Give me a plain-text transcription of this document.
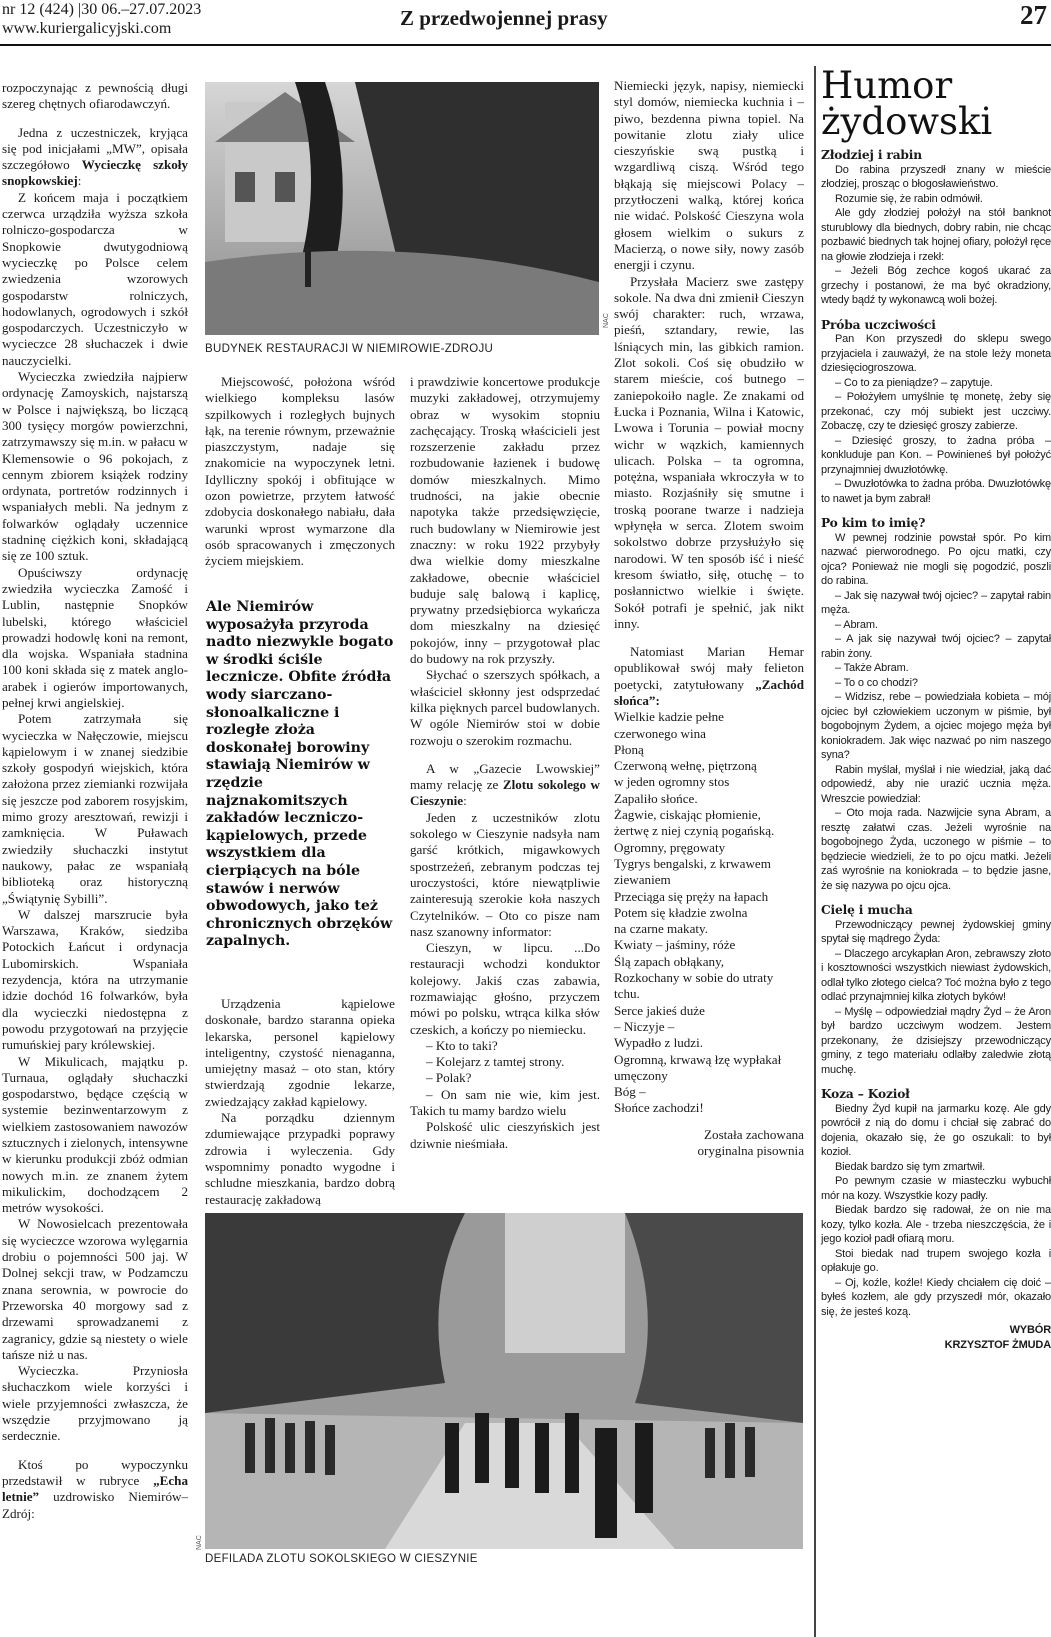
nr 12 (424) |30 06.–27.07.2023
www.kuriergalicyjski.com	Z przedwojennej prasy	27

rozpoczynając z pewnością długi szereg chętnych ofiarodawczyń.

Jedna z uczestniczek, kryjąca się pod inicjałami „MW”, opisała szczegółowo Wycieczkę szkoły snopkowskiej:

Z końcem maja i początkiem czerwca urządziła wyższa szkoła rolniczo-gospodarcza w Snopkowie dwutygodniową wycieczkę po Polsce celem zwiedzenia wzorowych gospodarstw rolniczych, hodowlanych, ogrodowych i szkół gospodarczych. Uczestniczyło w wycieczce 28 słuchaczek i dwie nauczycielki.

Wycieczka zwiedziła najpierw ordynację Zamoyskich, najstarszą w Polsce i największą, bo liczącą 300 tysięcy morgów powierzchni, zatrzymawszy się m.in. w pałacu w Klemensowie o 96 pokojach, z cennym zbiorem książek rodziny ordynata, portretów rodzinnych i wspaniałych mebli. Na jednym z folwarków oglądały uczennice stadninę ciężkich koni, składającą się ze 100 sztuk.

Opuściwszy ordynację zwiedziła wycieczka Zamość i Lublin, następnie Snopków lubelski, którego właściciel prowadzi hodowlę koni na remont, dla wojska. Wspaniała stadnina 100 koni składa się z matek anglo-arabek i ogierów importowanych, pełnej krwi angielskiej.

Potem zatrzymała się wycieczka w Nałęczowie, miejscu kąpielowym i w znanej siedzibie szkoły gospodyń wiejskich, która założona przez ziemianki rozwijała się jeszcze pod zaborem rosyjskim, mimo grozy aresztowań, rewizji i zamknięcia. W Puławach zwiedziły słuchaczki instytut naukowy, pałac ze wspaniałą biblioteką oraz historyczną „Świątynię Sybilli”.

W dalszej marszrucie była Warszawa, Kraków, siedziba Potockich Łańcut i ordynacja Lubomirskich. Wspaniała rezydencja, która na utrzymanie idzie dochód 16 folwarków, była dla wycieczki niedostępna z powodu przygotowań na przyjęcie rumuńskiej pary królewskiej.

W Mikulicach, majątku p. Turnaua, oglądały słuchaczki gospodarstwo, będące częścią w systemie bezinwentarzowym z wielkiem zastosowaniem nawozów sztucznych i zielonych, intensywne w kierunku produkcji zbóż odmian nowych m.in. ze znanem żytem mikulickim, dochodzącem 2 metrów wysokości.

W Nowosielcach prezentowała się wycieczce wzorowa wylęgarnia drobiu o pojemności 500 jaj. W Dolnej sekcji traw, w Podzamczu znana serownia, w powrocie do Przeworska 40 morgowy sad z drzewami sprowadzanemi z zagranicy, gdzie są niestety o wiele tańsze niż u nas.

Wycieczka. Przyniosła słuchaczkom wiele korzyści i wiele przyjemności zwłaszcza, że wszędzie przyjmowano ją serdecznie.

Ktoś po wypoczynku przedstawił w rubryce „Echa letnie” uzdrowisko Niemirów–Zdrój:

NAC
BUDYNEK RESTAURACJI W NIEMIROWIE-ZDROJU

Miejscowość, położona wśród wielkiego kompleksu lasów szpilkowych i rozległych bujnych łąk, na terenie równym, przeważnie piaszczystym, nadaje się znakomicie na wypoczynek letni. Idylliczny spokój i obfitujące w ozon powietrze, przytem łatwość zdobycia doskonałego nabiału, dała warunki wprost wymarzone dla osób spracowanych i zmęczonych życiem miejskiem.

Ale Niemirów wyposażyła przyroda nadto niezwykle bogato w środki ściśle lecznicze. Obfite źródła wody siarczano-słonoalkaliczne i rozległe złoża doskonałej borowiny stawiają Niemirów w rzędzie najznakomitszych zakładów leczniczo-kąpielowych, przede wszystkiem dla cierpiących na bóle stawów i nerwów obwodowych, jako też chronicznych obrzęków zapalnych.

Urządzenia kąpielowe doskonałe, bardzo staranna opieka lekarska, personel kąpielowy inteligentny, czystość nienaganna, umiejętny masaż – oto stan, który stwierdzają zgodnie lekarze, zwiedzający zakład kąpielowy.

Na porządku dziennym zdumiewające przypadki poprawy zdrowia i wyleczenia. Gdy wspomnimy ponadto wygodne i schludne mieszkania, bardzo dobrą restaurację zakładową

i prawdziwie koncertowe produkcje muzyki zakładowej, otrzymujemy obraz w wysokim stopniu zachęcający. Troską właścicieli jest rozszerzenie zakładu przez rozbudowanie łazienek i budowę domów mieszkalnych. Mimo trudności, na jakie obecnie napotyka także przedsięwzięcie, ruch budowlany w Niemirowie jest znaczny: w roku 1922 przybyły dwa wielkie domy mieszkalne zakładowe, obecnie właściciel buduje salę balową i kaplicę, prywatny przedsiębiorca wykańcza dom mieszkalny na dziesięć pokojów, inny – przygotował plac do budowy na rok przyszły.

Słychać o szerszych spółkach, a właściciel skłonny jest odsprzedać kilka pięknych parcel budowlanych. W ogóle Niemirów stoi w dobie rozwoju o szerokim rozmachu.

A w „Gazecie Lwowskiej” mamy relację ze Zlotu sokolego w Cieszynie:

Jeden z uczestników zlotu sokolego w Cieszynie nadsyła nam garść krótkich, migawkowych spostrzeżeń, zebranym podczas tej uroczystości, które niewątpliwie zainteresują szerokie koła naszych Czytelników. – Oto co pisze nam nasz szanowny informator:

Cieszyn, w lipcu. ...Do restauracji wchodzi konduktor kolejowy. Jakiś czas zabawia, rozmawiając głośno, przyczem mówi po polsku, wtrąca kilka słów czeskich, a kończy po niemiecku.

– Kto to taki?

– Kolejarz z tamtej strony.

– Polak?

– On sam nie wie, kim jest. Takich tu mamy bardzo wielu

Polskość ulic cieszyńskich jest dziwnie nieśmiała.

Niemiecki język, napisy, niemiecki styl domów, niemiecka kuchnia i – piwo, bezdenna piwna topiel. Na powitanie zlotu ziały ulice cieszyńskie swą pustką i wzgardliwą ciszą. Wśród tego błąkają się miejscowi Polacy – przytłoczeni walką, której końca nie widać. Polskość Cieszyna wola głosem wielkim o sukurs z Macierzą, o nowe siły, nowy zasób energji i czynu.

Przysłała Macierz swe zastępy sokole. Na dwa dni zmienił Cieszyn swój charakter: ruch, wrzawa, pieśń, sztandary, rewie, las lśniących min, las gibkich ramion. Zlot sokoli. Coś się obudziło w starem mieście, coś butnego – zaniepokoiło nagle. Ze znakami od Łucka i Poznania, Wilna i Katowic, Lwowa i Torunia – powiał mocny wichr w wązkich, kamiennych ulicach. Polska – ta ogromna, potężna, wspaniała wkroczyła w to miasto. Rozjaśniły się smutne i troską poorane twarze i nadzieja wpłynęła w serca. Zlotem swoim sokolstwo dobrze przysłużyło się narodowi. W ten sposób iść i nieść kresom światło, siłę, otuchę – to posłannictwo wielkie i święte. Sokół potrafi je spełnić, jak nikt inny.

Natomiast Marian Hemar opublikował swój mały felieton poetycki, zatytułowany „Zachód słońca”:

Wielkie kadzie pełne
czerwonego wina
Płoną
Czerwoną wełnę, piętrzoną
w jeden ogromny stos
Zapaliło słońce.
Żagwie, ciskając płomienie,
żertwę z niej czynią pogańską.
Ogromny, pręgowaty
Tygrys bengalski, z krwawem
ziewaniem
Przeciąga się pręży na łapach
Potem się kładzie zwolna
na czarne makaty.
Kwiaty – jaśminy, róże
Ślą zapach obłąkany,
Rozkochany w sobie do utraty
tchu.
Serce jakieś duże
– Niczyje –
Wypadło z ludzi.
Ogromną, krwawą łzę wypłakał
umęczony
Bóg –
Słońce zachodzi!

Została zachowana oryginalna pisownia

NAC
DEFILADA ZLOTU SOKOLSKIEGO W CIESZYNIE
Humor
żydowski
Złodziej i rabin

Do rabina przyszedł znany w mieście złodziej, prosząc o błogosławieństwo.

Rozumie się, że rabin odmówił.

Ale gdy złodziej położył na stół banknot sturublowy dla biednych, dobry rabin, nie chcąc pozbawić biednych tak hojnej ofiary, położył ręce na głowie złodzieja i rzekł:

– Jeżeli Bóg zechce kogoś ukarać za grzechy i postanowi, że ma być okradziony, wtedy bądź ty wykonawcą woli bożej.

Próba uczciwości

Pan Kon przyszedł do sklepu swego przyjaciela i zauważył, że na stole leży moneta dziesięciogroszowa.

– Co to za pieniądze? – zapytuje.

– Położyłem umyślnie tę monetę, żeby się przekonać, czy mój subiekt jest uczciwy. Zobaczę, czy te dziesięć groszy zabierze.

– Dziesięć groszy, to żadna próba – konkluduje pan Kon. – Powinieneś był położyć przynajmniej dwuzłotówkę.

– Dwuzłotówka to żadna próba. Dwuzłotówkę to nawet ja bym zabrał!

Po kim to imię?

W pewnej rodzinie powstał spór. Po kim nazwać pierworodnego. Po ojcu matki, czy ojca? Ponieważ nie mogli się pogodzić, poszli do rabina.

– Jak się nazywał twój ojciec? – zapytał rabin męża.

– Abram.

– A jak się nazywał twój ojciec? – zapytał rabin żony.

– Także Abram.

– To o co chodzi?

– Widzisz, rebe – powiedziała kobieta – mój ojciec był człowiekiem uczonym w piśmie, był bogobojnym Żydem, a ojciec mojego męża był koniokradem. Jak więc nazwać po nim naszego syna?

Rabin myślał, myślał i nie wiedział, jaką dać odpowiedź, aby nie urazić ucznia męża. Wreszcie powiedział:

– Oto moja rada. Nazwijcie syna Abram, a resztę załatwi czas. Jeżeli wyrośnie na bogobojnego Żyda, uczonego w piśmie – to będziecie wiedzieli, że to po ojcu matki. Jeżeli zaś wyrośnie na koniokrada – to będzie jasne, że się nazywa po ojcu ojca.

Cielę i mucha

Przewodniczący pewnej żydowskiej gminy spytał się mądrego Żyda:

– Dlaczego arcykapłan Aron, zebrawszy złoto i kosztowności wszystkich niewiast żydowskich, odlał tylko złotego cielca? Toć można było z tego odlać przynajmniej kilka złotych byków!

– Myślę – odpowiedział mądry Żyd – że Aron był bardzo uczciwym wodzem. Jestem przekonany, że dzisiejszy przewodniczący gminy, z tego materiału odlałby zaledwie złotą muchę.

Koza – Kozioł

Biedny Żyd kupił na jarmarku kozę. Ale gdy powrócił z nią do domu i chciał się zabrać do dojenia, okazało się, że go oszukali: to był kozioł.

Biedak bardzo się tym zmartwił.

Po pewnym czasie w miasteczku wybuchł mór na kozy. Wszystkie kozy padły.

Biedak bardzo się radował, że on nie ma kozy, tylko kozła. Ale - trzeba nieszczęścia, że i jego kozioł padł ofiarą moru.

Stoi biedak nad trupem swojego kozła i opłakuje go.

– Oj, koźle, koźle! Kiedy chciałem cię doić – byłeś kozłem, ale gdy przyszedł mór, okazało się, że jesteś kozą.

WYBÓR
KRZYSZTOF ŻMUDA
